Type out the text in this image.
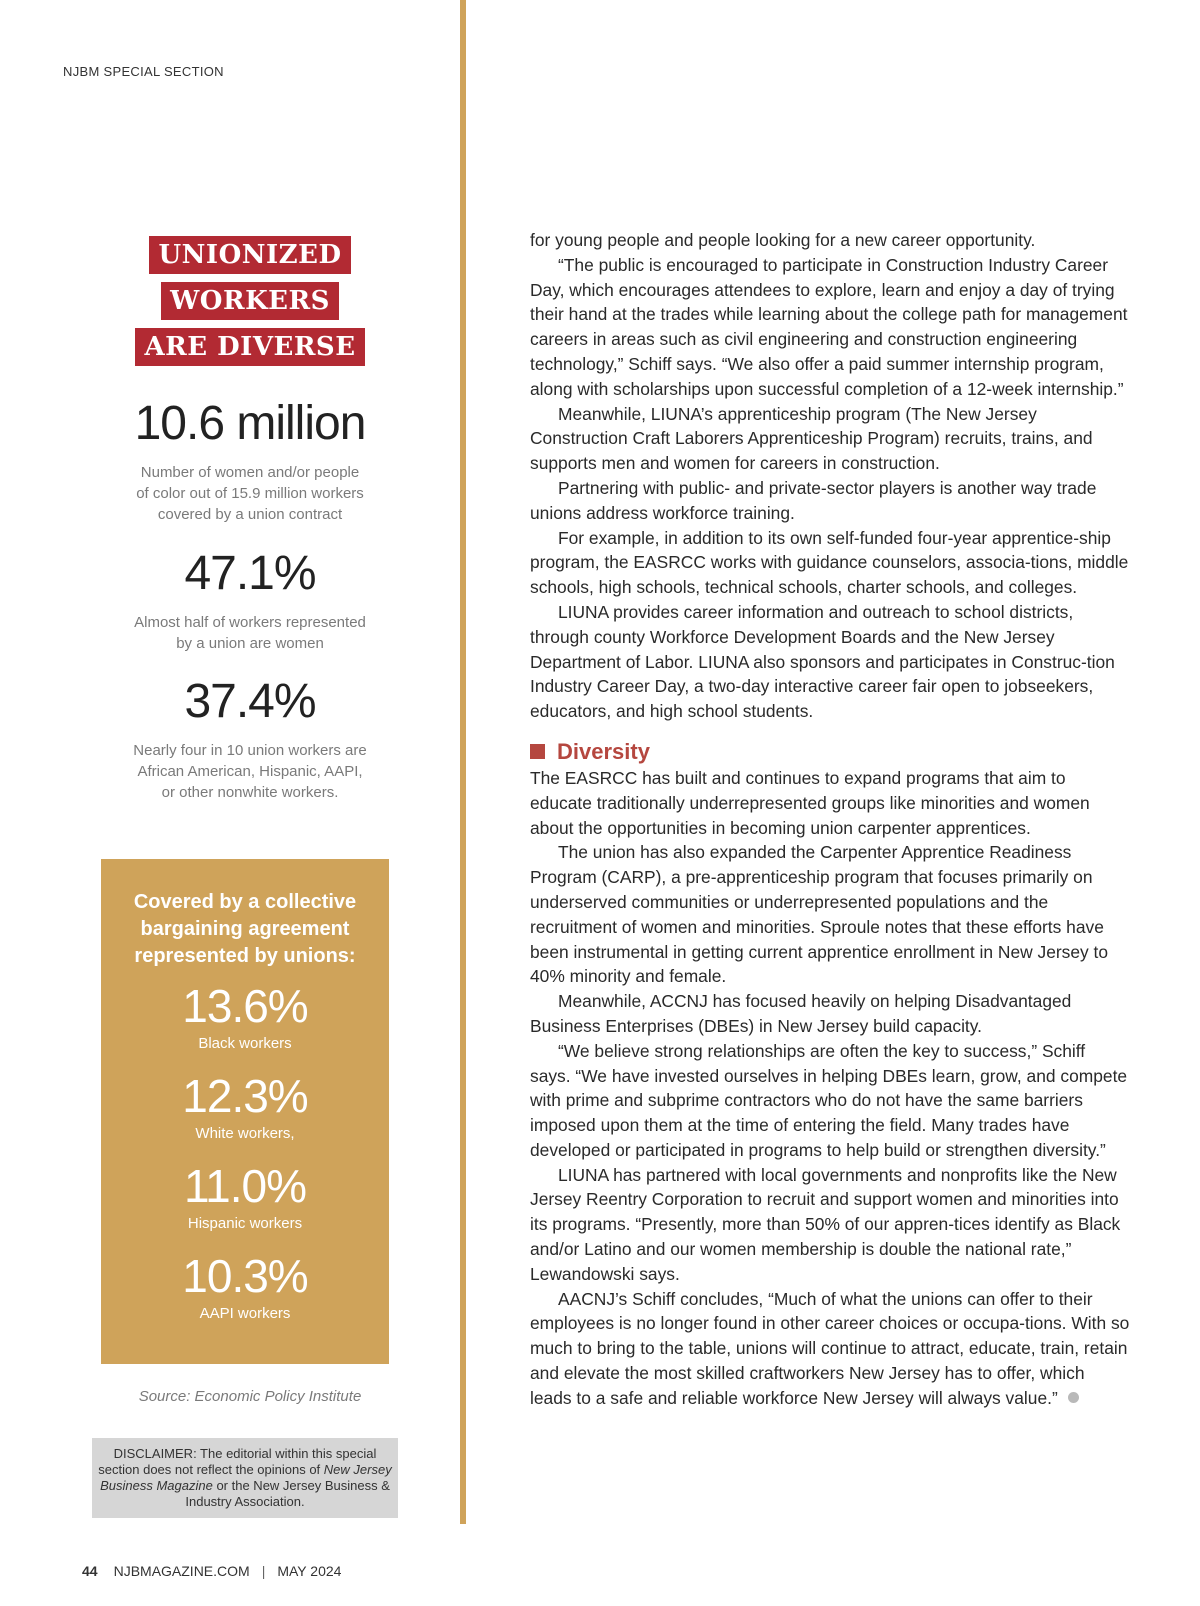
NJBM SPECIAL SECTION
UNIONIZED
WORKERS
ARE DIVERSE
10.6 million
Number of women and/or people
of color out of 15.9 million workers
covered by a union contract
47.1%
Almost half of workers represented
by a union are women
37.4%
Nearly four in 10 union workers are
African American, Hispanic, AAPI,
or other nonwhite workers.
Covered by a collective
bargaining agreement
represented by unions:
13.6%
Black workers
12.3%
White workers,
11.0%
Hispanic workers
10.3%
AAPI workers
Source: Economic Policy Institute
DISCLAIMER: The editorial within this special section does not reflect the opinions of New Jersey Business Magazine or the New Jersey Business & Industry Association.

for young people and people looking for a new career opportunity.

“The public is encouraged to participate in Construction Industry Career Day, which encourages attendees to explore, learn and enjoy a day of trying their hand at the trades while learning about the college path for management careers in areas such as civil engineering and construction engineering technology,” Schiff says. “We also offer a paid summer internship program, along with scholarships upon successful completion of a 12-week internship.”

Meanwhile, LIUNA’s apprenticeship program (The New Jersey Construction Craft Laborers Apprenticeship Program) recruits, trains, and supports men and women for careers in construction.

Partnering with public- and private-sector players is another way trade unions address workforce training.

For example, in addition to its own self-funded four-year apprentice-ship program, the EASRCC works with guidance counselors, associa-tions, middle schools, high schools, technical schools, charter schools, and colleges.

LIUNA provides career information and outreach to school districts, through county Workforce Development Boards and the New Jersey Department of Labor. LIUNA also sponsors and participates in Construc-tion Industry Career Day, a two-day interactive career fair open to jobseekers, educators, and high school students.

Diversity

The EASRCC has built and continues to expand programs that aim to educate traditionally underrepresented groups like minorities and women about the opportunities in becoming union carpenter apprentices.

The union has also expanded the Carpenter Apprentice Readiness Program (CARP), a pre-apprenticeship program that focuses primarily on underserved communities or underrepresented populations and the recruitment of women and minorities. Sproule notes that these efforts have been instrumental in getting current apprentice enrollment in New Jersey to 40% minority and female.

Meanwhile, ACCNJ has focused heavily on helping Disadvantaged Business Enterprises (DBEs) in New Jersey build capacity.

“We believe strong relationships are often the key to success,” Schiff says. “We have invested ourselves in helping DBEs learn, grow, and compete with prime and subprime contractors who do not have the same barriers imposed upon them at the time of entering the field. Many trades have developed or participated in programs to help build or strengthen diversity.”

LIUNA has partnered with local governments and nonprofits like the New Jersey Reentry Corporation to recruit and support women and minorities into its programs. “Presently, more than 50% of our appren-tices identify as Black and/or Latino and our women membership is double the national rate,” Lewandowski says.

AACNJ’s Schiff concludes, “Much of what the unions can offer to their employees is no longer found in other career choices or occupa-tions. With so much to bring to the table, unions will continue to attract, educate, train, retain and elevate the most skilled craftworkers New Jersey has to offer, which leads to a safe and reliable workforce New Jersey will always value.”

44 NJBMAGAZINE.COM | MAY 2024
